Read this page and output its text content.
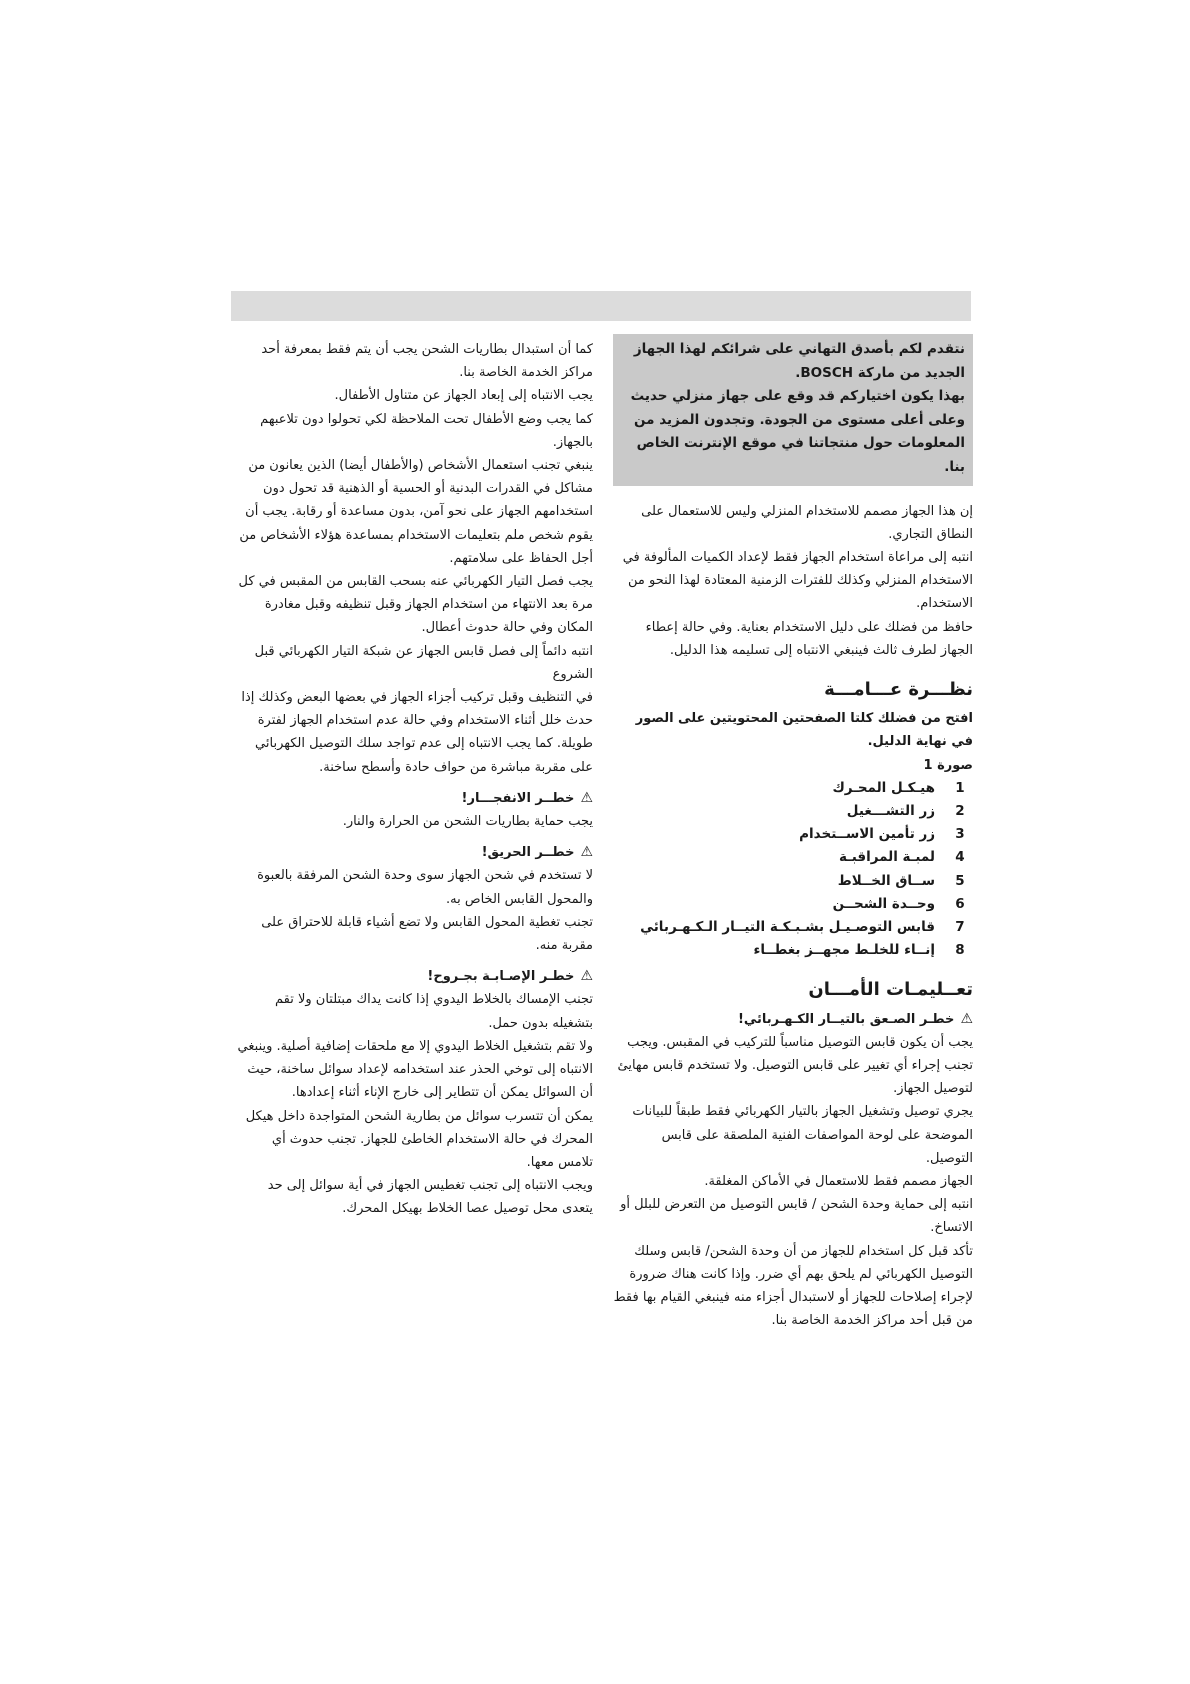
نتقدم لكم بأصدق التهاني على شرائكم لهذا الجهاز الجديد من ماركة BOSCH.

بهذا يكون اختياركم قد وقع على جهاز منزلي حديث وعلى أعلى مستوى من الجودة. وتجدون المزيد من المعلومات حول منتجاتنا في موقع الإنترنت الخاص بنا.

إن هذا الجهاز مصمم للاستخدام المنزلي وليس للاستعمال على النطاق التجاري.

انتبه إلى مراعاة استخدام الجهاز فقط لإعداد الكميات المألوفة في الاستخدام المنزلي وكذلك للفترات الزمنية المعتادة لهذا النحو من الاستخدام.

حافظ من فضلك على دليل الاستخدام بعناية. وفي حالة إعطاء الجهاز لطرف ثالث فينبغي الانتباه إلى تسليمه هذا الدليل.

نظـــرة عـــامـــة

افتح من فضلك كلتا الصفحتين المحتويتين على الصور في نهاية الدليل.

صورة 1

1
هيـكـل المحـرك
2
زر التشـــغيل
3
زر تأمين الاســتخدام
4
لمبـة المراقبـة
5
ســاق الخــلاط
6
وحــدة الشحــن
7
قابس التوصـيـل بشـبـكـة التيــار الـكـهـربائي
8
إنــاء للخلـط مجهــز بغطــاء
تعــليمـات الأمـــان
⚠خطـر الصـعق بالتيــار الكـهـربائي!

يجب أن يكون قابس التوصيل مناسباً للتركيب في المقبس. ويجب تجنب إجراء أي تغيير على قابس التوصيل. ولا تستخدم قابس مهايئ لتوصيل الجهاز.

يجري توصيل وتشغيل الجهاز بالتيار الكهربائي فقط طبقاً للبيانات الموضحة على لوحة المواصفات الفنية الملصقة على قابس التوصيل.

الجهاز مصمم فقط للاستعمال في الأماكن المغلقة.

انتبه إلى حماية وحدة الشحن / قابس التوصيل من التعرض للبلل أو الاتساخ.

تأكد قبل كل استخدام للجهاز من أن وحدة الشحن/ قابس وسلك التوصيل الكهربائي لم يلحق بهم أي ضرر. وإذا كانت هناك ضرورة لإجراء إصلاحات للجهاز أو لاستبدال أجزاء منه فينبغي القيام بها فقط من قبل أحد مراكز الخدمة الخاصة بنا.

كما أن استبدال بطاريات الشحن يجب أن يتم فقط بمعرفة أحد مراكز الخدمة الخاصة بنا.

يجب الانتباه إلى إبعاد الجهاز عن متناول الأطفال.

كما يجب وضع الأطفال تحت الملاحظة لكي تحولوا دون تلاعبهم بالجهاز.

ينبغي تجنب استعمال الأشخاص (والأطفال أيضا) الذين يعانون من مشاكل في القدرات البدنية أو الحسية أو الذهنية قد تحول دون استخدامهم الجهاز على نحو آمن، بدون مساعدة أو رقابة. يجب أن يقوم شخص ملم بتعليمات الاستخدام بمساعدة هؤلاء الأشخاص من أجل الحفاظ على سلامتهم.

يجب فصل التيار الكهربائي عنه بسحب القابس من المقبس في كل مرة بعد الانتهاء من استخدام الجهاز وقبل تنظيفه وقبل مغادرة المكان وفي حالة حدوث أعطال.

انتبه دائماً إلى فصل قابس الجهاز عن شبكة التيار الكهربائي قبل الشروع

في التنظيف وقبل تركيب أجزاء الجهاز في بعضها البعض وكذلك إذا حدث خلل أثناء الاستخدام وفي حالة عدم استخدام الجهاز لفترة طويلة. كما يجب الانتباه إلى عدم تواجد سلك التوصيل الكهربائي على مقربة مباشرة من حواف حادة وأسطح ساخنة.

⚠خطــر الانفجـــار!

يجب حماية بطاريات الشحن من الحرارة والنار.

⚠خطــر الحريق!

لا تستخدم في شحن الجهاز سوى وحدة الشحن المرفقة بالعبوة والمحول القابس الخاص به.

تجنب تغطية المحول القابس ولا تضع أشياء قابلة للاحتراق على مقربة منه.

⚠خطـر الإصـابـة بجـروح!

تجنب الإمساك بالخلاط اليدوي إذا كانت يداك مبتلتان ولا تقم بتشغيله بدون حمل.

ولا تقم بتشغيل الخلاط اليدوي إلا مع ملحقات إضافية أصلية. وينبغي الانتباه إلى توخي الحذر عند استخدامه لإعداد سوائل ساخنة، حيث أن السوائل يمكن أن تتطاير إلى خارج الإناء أثناء إعدادها.

يمكن أن تتسرب سوائل من بطارية الشحن المتواجدة داخل هيكل المحرك في حالة الاستخدام الخاطئ للجهاز. تجنب حدوث أي تلامس معها.

ويجب الانتباه إلى تجنب تغطيس الجهاز في أية سوائل إلى حد يتعدى محل توصيل عصا الخلاط بهيكل المحرك.
